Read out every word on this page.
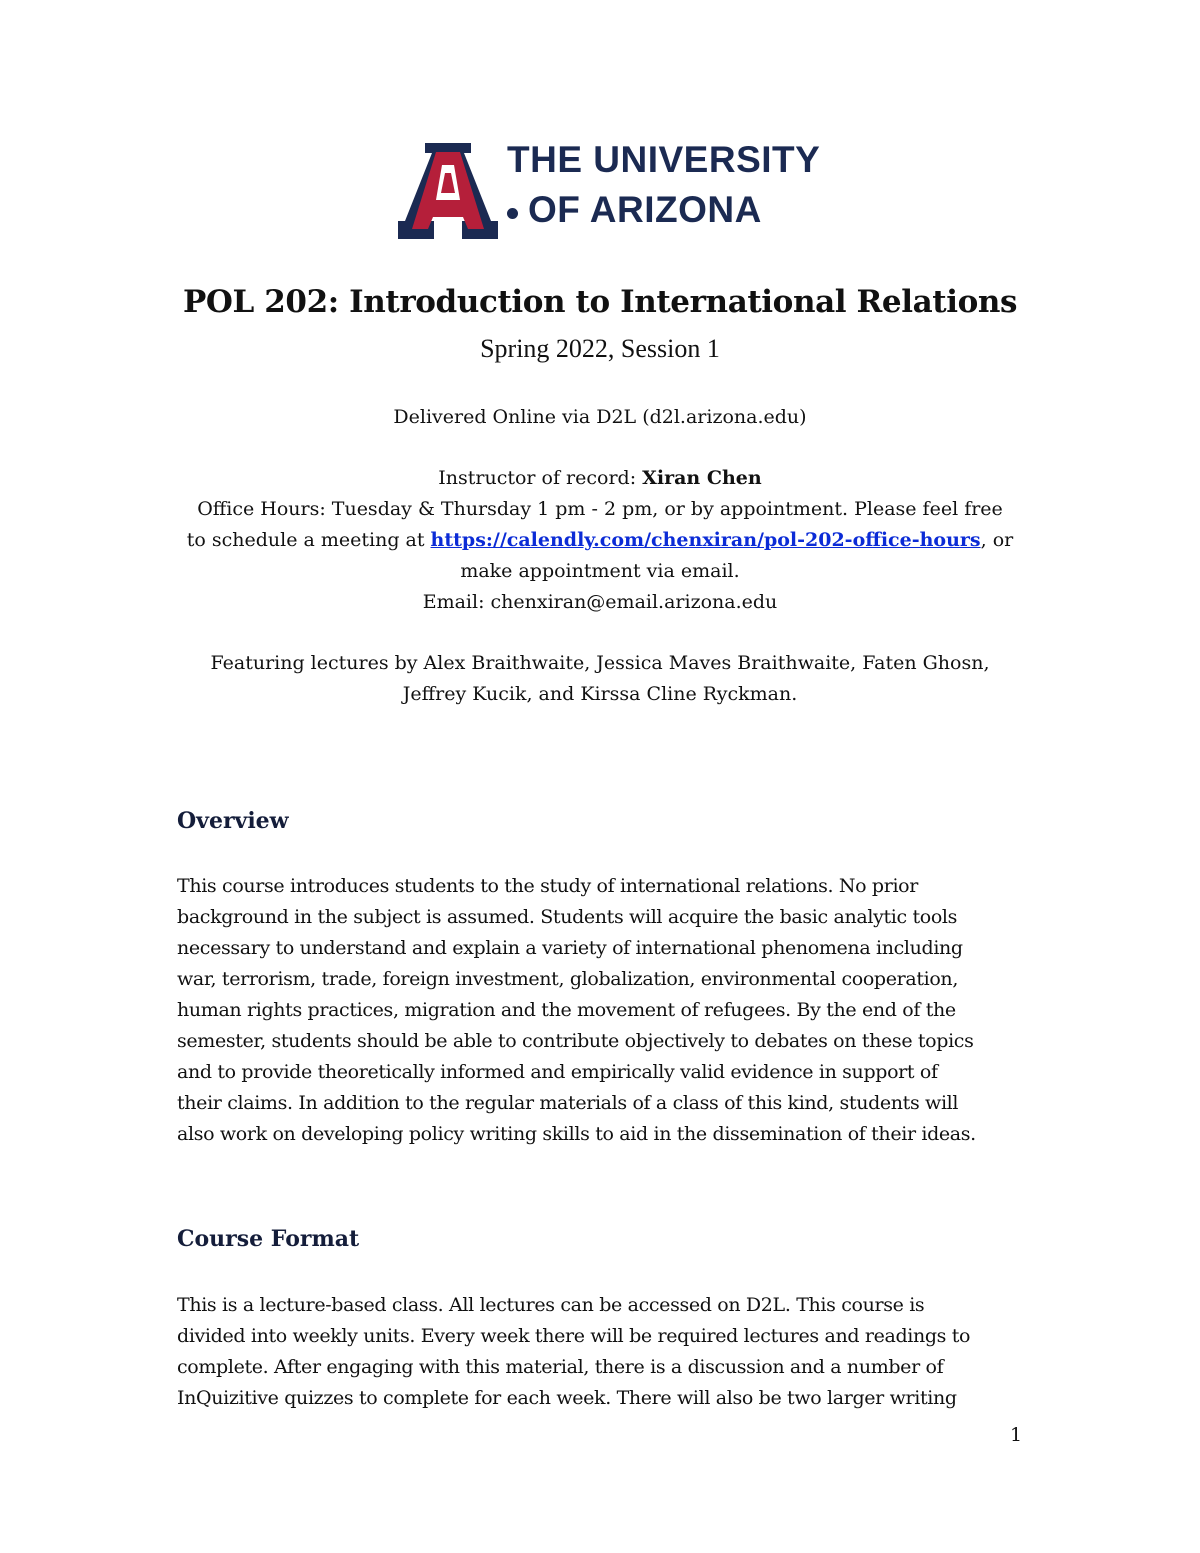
THE UNIVERSITY
OF ARIZONA
POL 202: Introduction to International Relations
Spring 2022, Session 1
Delivered Online via D2L (d2l.arizona.edu)
Instructor of record: Xiran Chen
Office Hours: Tuesday & Thursday 1 pm - 2 pm, or by appointment. Please feel free
to schedule a meeting at https://calendly.com/chenxiran/pol-202-office-hours, or
make appointment via email.
Email: chenxiran@email.arizona.edu
Featuring lectures by Alex Braithwaite, Jessica Maves Braithwaite, Faten Ghosn,
Jeffrey Kucik, and Kirssa Cline Ryckman.
Overview
This course introduces students to the study of international relations. No prior
background in the subject is assumed. Students will acquire the basic analytic tools
necessary to understand and explain a variety of international phenomena including
war, terrorism, trade, foreign investment, globalization, environmental cooperation,
human rights practices, migration and the movement of refugees. By the end of the
semester, students should be able to contribute objectively to debates on these topics
and to provide theoretically informed and empirically valid evidence in support of
their claims. In addition to the regular materials of a class of this kind, students will
also work on developing policy writing skills to aid in the dissemination of their ideas.
Course Format
This is a lecture-based class. All lectures can be accessed on D2L. This course is
divided into weekly units. Every week there will be required lectures and readings to
complete. After engaging with this material, there is a discussion and a number of
InQuizitive quizzes to complete for each week. There will also be two larger writing
1
